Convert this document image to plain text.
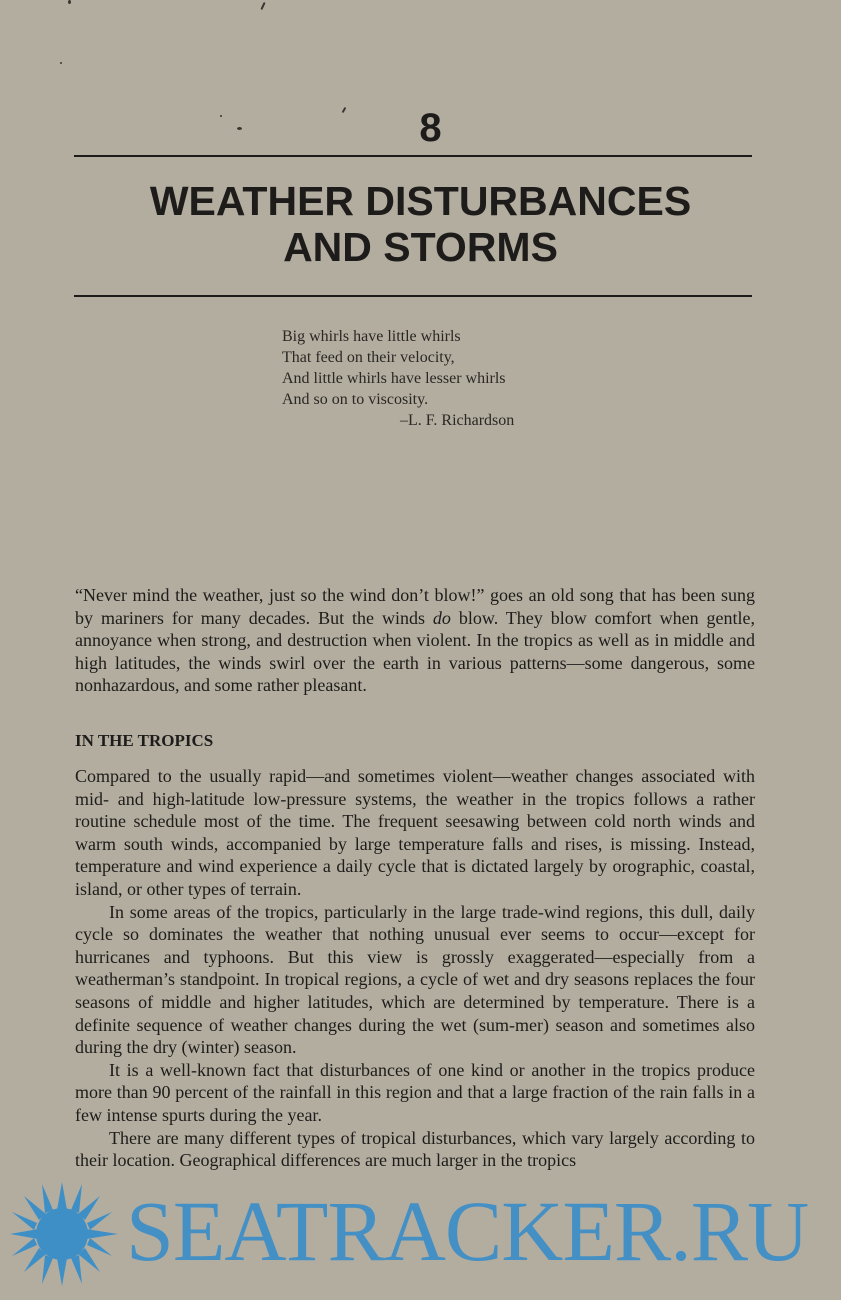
8
WEATHER DISTURBANCES
AND STORMS
Big whirls have little whirls
That feed on their velocity,
And little whirls have lesser whirls
And so on to viscosity.
–L. F. Richardson

“Never mind the weather, just so the wind don’t blow!” goes an old song that has been sung by mariners for many decades. But the winds do blow. They blow comfort when gentle, annoyance when strong, and destruction when violent. In the tropics as well as in middle and high latitudes, the winds swirl over the earth in various patterns—some dangerous, some nonhazardous, and some rather pleasant.

IN THE TROPICS

Compared to the usually rapid—and sometimes violent—weather changes associated with mid- and high-latitude low-pressure systems, the weather in the tropics follows a rather routine schedule most of the time. The frequent seesawing between cold north winds and warm south winds, accompanied by large temperature falls and rises, is missing. Instead, temperature and wind experience a daily cycle that is dictated largely by orographic, coastal, island, or other types of terrain.

In some areas of the tropics, particularly in the large trade-wind regions, this dull, daily cycle so dominates the weather that nothing unusual ever seems to occur—except for hurricanes and typhoons. But this view is grossly exaggerated—especially from a weatherman’s standpoint. In tropical regions, a cycle of wet and dry seasons replaces the four seasons of middle and higher latitudes, which are determined by temperature. There is a definite sequence of weather changes during the wet (sum-mer) season and sometimes also during the dry (winter) season.

It is a well-known fact that disturbances of one kind or another in the tropics produce more than 90 percent of the rainfall in this region and that a large fraction of the rain falls in a few intense spurts during the year.

There are many different types of tropical disturbances, which vary largely according to their location. Geographical differences are much larger in the tropics

SEATRACKER.RU
